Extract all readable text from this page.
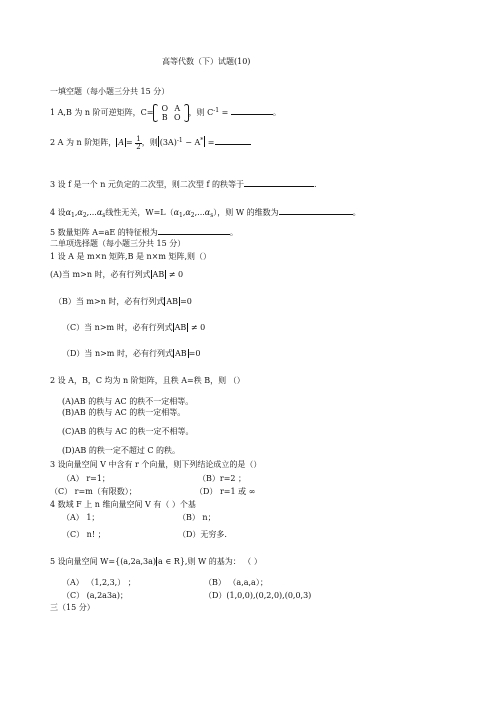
高等代数（下）试题(10)
一填空题（每小题三分共 15 分）
1 A,B 为 n 阶可逆矩阵，C= O	A
B	O
，则 $C^{-1}$ =	。
2 A 为 n 阶矩阵， $A = \frac{1}{2}$ ，则 $(3A)^{-1} - A^*$ =
3 设 f 是一个 n 元负定的二次型，则二次型 f 的秩等于	.
4 设$\alpha_1,\alpha_2,...\alpha_s$线性无关，$W=L(\alpha_1,\alpha_2,...\alpha_s)$，则 W 的维数为	。
5 数量矩阵 A=aE 的特征根为	。
二单项选择题（每小题三分共 15 分）
1 设 A 是 m×n 矩阵,B 是 n×m 矩阵,则（）
(A)当 m>n 时，必有行列式 AB ≠ 0
（B）当 m>n 时，必有行列式 AB =0
（C）当 n>m 时，必有行列式 AB ≠ 0
（D）当 n>m 时，必有行列式 AB =0
2 设 A，B，C 均为 n 阶矩阵，且秩 A=秩 B，则 （）
(A)AB 的秩与 AC 的秩不一定相等。
(B)AB 的秩与 AC 的秩一定相等。
(C)AB 的秩与 AC 的秩一定不相等。
(D)AB 的秩一定不超过 C 的秩。
3 设向量空间 V 中含有 r 个向量，则下列结论成立的是（）
（A） r=1；	（B）r=2 ；
（C） r=m（有限数）；	（D） r=1 或 ∞
4 数域 F 上 n 维向量空间 V 有（ ）个基
（A） 1；	（B） n；
（C） n! ；	（D）无穷多.
5 设向量空间 W={(a,2a,3a) a ∈ R},则 W 的基为： （ ）
（A） （1,2,3,） ；	（B） （a,a,a）；
（C） (a,2a3a)；	（D）(1,0,0),(0,2,0),(0,0,3)
三（15 分）
